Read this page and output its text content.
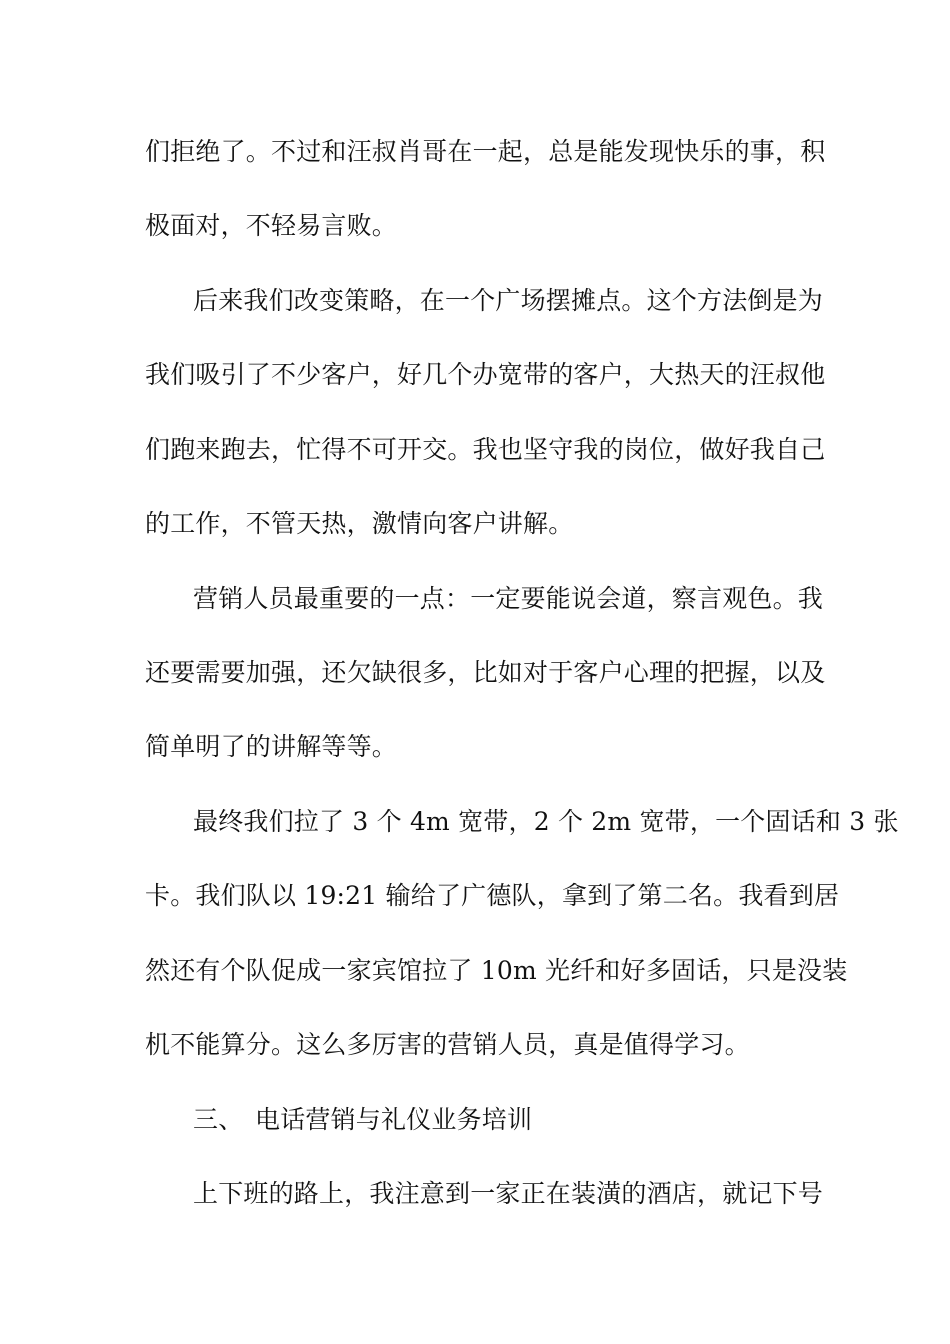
们拒绝了。不过和汪叔肖哥在一起，总是能发现快乐的事，积
极面对，不轻易言败。
后来我们改变策略，在一个广场摆摊点。这个方法倒是为
我们吸引了不少客户，好几个办宽带的客户，大热天的汪叔他
们跑来跑去，忙得不可开交。我也坚守我的岗位，做好我自己
的工作，不管天热，激情向客户讲解。
营销人员最重要的一点：一定要能说会道，察言观色。我
还要需要加强，还欠缺很多，比如对于客户心理的把握，以及
简单明了的讲解等等。
最终我们拉了 3 个 4m 宽带，2 个 2m 宽带，一个固话和 3 张
卡。我们队以 19:21 输给了广德队，拿到了第二名。我看到居
然还有个队促成一家宾馆拉了 10m 光纤和好多固话，只是没装
机不能算分。这么多厉害的营销人员，真是值得学习。
三、 电话营销与礼仪业务培训
上下班的路上，我注意到一家正在装潢的酒店，就记下号
